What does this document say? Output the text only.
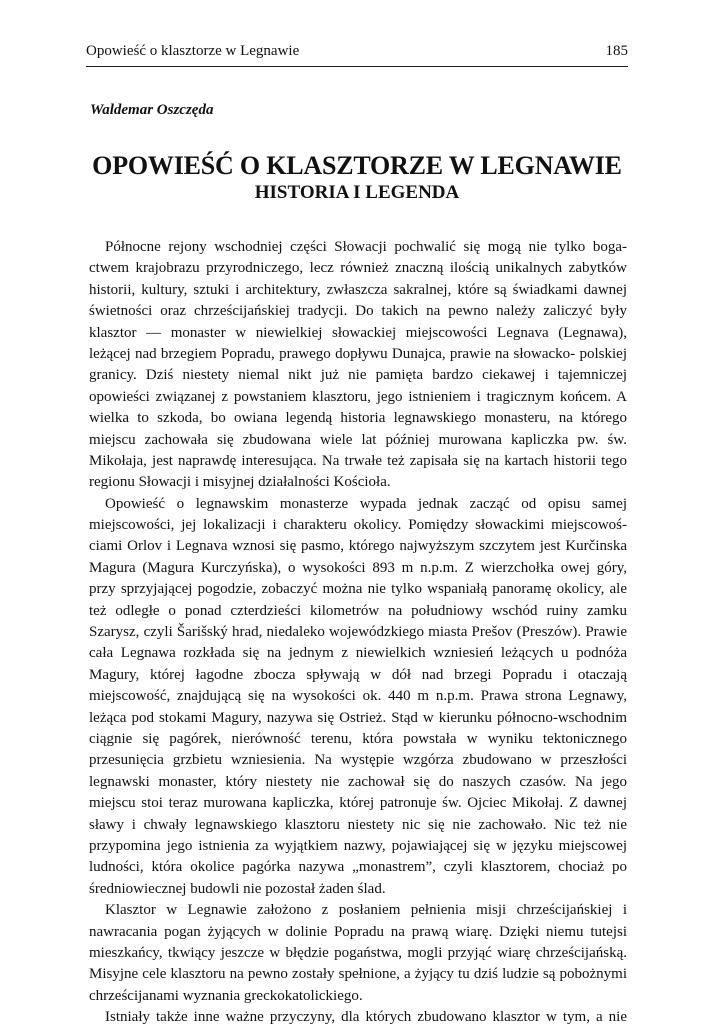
Opowieść o klasztorze w Legnawie	185
Waldemar Oszczęda
OPOWIEŚĆ O KLASZTORZE W LEGNAWIE
HISTORIA I LEGENDA
Północne rejony wschodniej części Słowacji pochwalić się mogą nie tylko boga-
ctwem krajobrazu przyrodniczego, lecz również znaczną ilością unikalnych zabytków
historii, kultury, sztuki i architektury, zwłaszcza sakralnej, które są świadkami dawnej
świetności oraz chrześcijańskiej tradycji. Do takich na pewno należy zaliczyć były
klasztor — monaster w niewielkiej słowackiej miejscowości Legnava (Legnawa),
leżącej nad brzegiem Popradu, prawego dopływu Dunajca, prawie na słowacko- polskiej
granicy. Dziś niestety niemal nikt już nie pamięta bardzo ciekawej i tajemniczej
opowieści związanej z powstaniem klasztoru, jego istnieniem i tragicznym końcem. A
wielka to szkoda, bo owiana legendą historia legnawskiego monasteru, na którego
miejscu zachowała się zbudowana wiele lat później murowana kapliczka pw. św.
Mikołaja, jest naprawdę interesująca. Na trwałe też zapisała się na kartach historii tego
regionu Słowacji i misyjnej działalności Kościoła.
Opowieść o legnawskim monasterze wypada jednak zacząć od opisu samej
miejscowości, jej lokalizacji i charakteru okolicy. Pomiędzy słowackimi miejscowoś-
ciami Orlov i Legnava wznosi się pasmo, którego najwyższym szczytem jest Kurčinska
Magura (Magura Kurczyńska), o wysokości 893 m n.p.m. Z wierzchołka owej góry,
przy sprzyjającej pogodzie, zobaczyć można nie tylko wspaniałą panoramę okolicy, ale
też odległe o ponad czterdzieści kilometrów na południowy wschód ruiny zamku
Szarysz, czyli Šarišský hrad, niedaleko wojewódzkiego miasta Prešov (Preszów). Prawie
cała Legnawa rozkłada się na jednym z niewielkich wzniesień leżących u podnóża
Magury, której łagodne zbocza spływają w dół nad brzegi Popradu i otaczają
miejscowość, znajdującą się na wysokości ok. 440 m n.p.m. Prawa strona Legnawy,
leżąca pod stokami Magury, nazywa się Ostrież. Stąd w kierunku północno-wschodnim
ciągnie się pagórek, nierówność terenu, która powstała w wyniku tektonicznego
przesunięcia grzbietu wzniesienia. Na występie wzgórza zbudowano w przeszłości
legnawski monaster, który niestety nie zachował się do naszych czasów. Na jego
miejscu stoi teraz murowana kapliczka, której patronuje św. Ojciec Mikołaj. Z dawnej
sławy i chwały legnawskiego klasztoru niestety nic się nie zachowało. Nic też nie
przypomina jego istnienia za wyjątkiem nazwy, pojawiającej się w języku miejscowej
ludności, która okolice pagórka nazywa „monastrem”, czyli klasztorem, chociaż po
średniowiecznej budowli nie pozostał żaden ślad.
Klasztor w Legnawie założono z posłaniem pełnienia misji chrześcijańskiej i
nawracania pogan żyjących w dolinie Popradu na prawą wiarę. Dzięki niemu tutejsi
mieszkańcy, tkwiący jeszcze w błędzie pogaństwa, mogli przyjąć wiarę chrześcijańską.
Misyjne cele klasztoru na pewno zostały spełnione, a żyjący tu dziś ludzie są pobożnymi
chrześcijanami wyznania greckokatolickiego.
Istniały także inne ważne przyczyny, dla których zbudowano klasztor w tym, a nie
